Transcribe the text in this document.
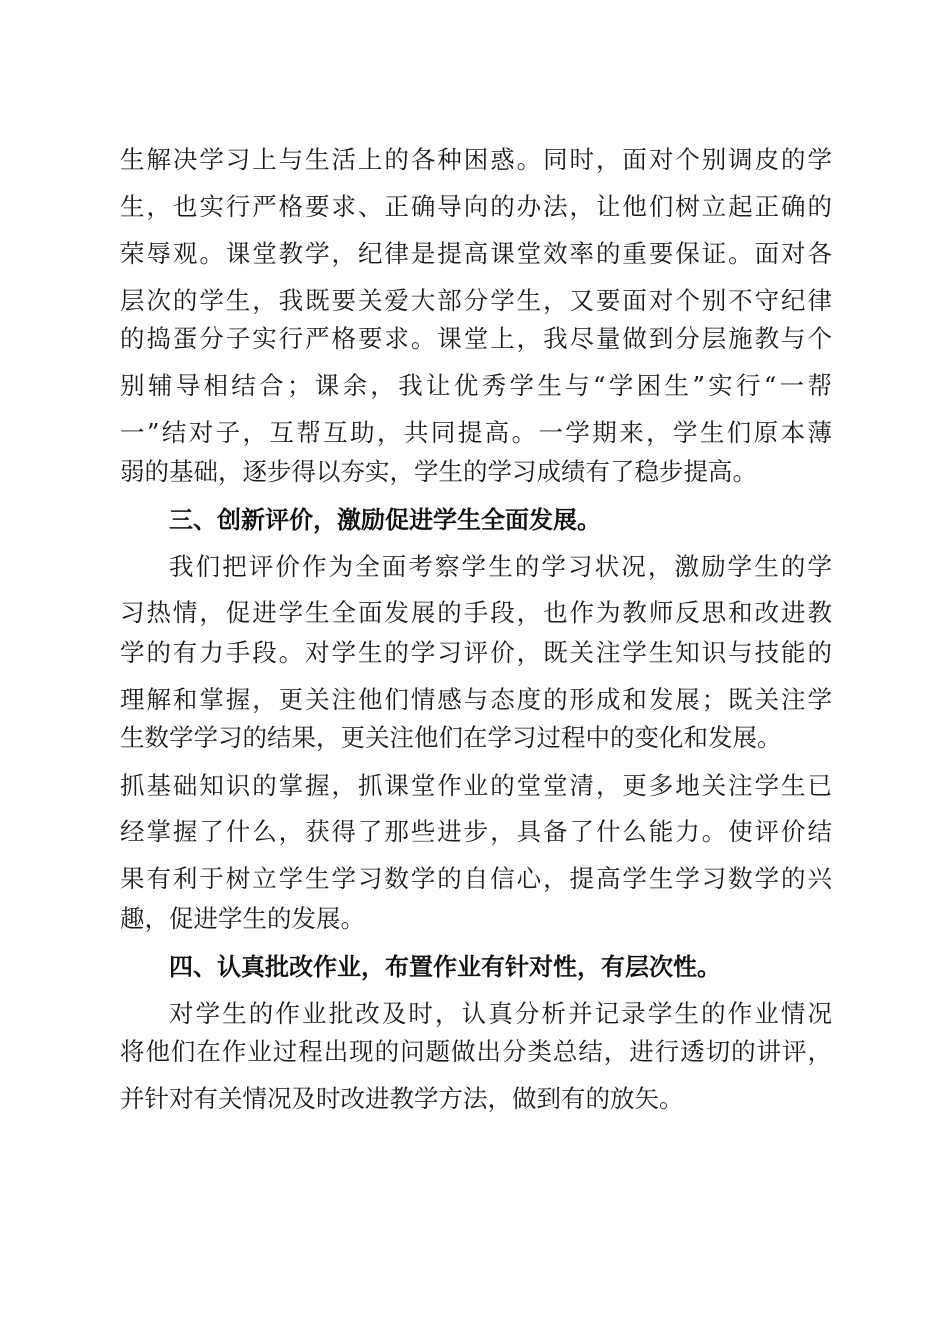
生解决学习上与生活上的各种困惑。同时，面对个别调皮的学
生，也实行严格要求、正确导向的办法，让他们树立起正确的
荣辱观。课堂教学，纪律是提高课堂效率的重要保证。面对各
层次的学生，我既要关爱大部分学生，又要面对个别不守纪律
的捣蛋分子实行严格要求。课堂上，我尽量做到分层施教与个
别辅导相结合；课余，我让优秀学生与“学困生”实行“一帮
一”结对子，互帮互助，共同提高。一学期来，学生们原本薄
弱的基础，逐步得以夯实，学生的学习成绩有了稳步提高。
三、创新评价，激励促进学生全面发展。
我们把评价作为全面考察学生的学习状况，激励学生的学
习热情，促进学生全面发展的手段，也作为教师反思和改进教
学的有力手段。对学生的学习评价，既关注学生知识与技能的
理解和掌握，更关注他们情感与态度的形成和发展；既关注学
生数学学习的结果，更关注他们在学习过程中的变化和发展。
抓基础知识的掌握，抓课堂作业的堂堂清，更多地关注学生已
经掌握了什么，获得了那些进步，具备了什么能力。使评价结
果有利于树立学生学习数学的自信心，提高学生学习数学的兴
趣，促进学生的发展。
四、认真批改作业，布置作业有针对性，有层次性。
对学生的作业批改及时，认真分析并记录学生的作业情况
将他们在作业过程出现的问题做出分类总结，进行透切的讲评，
并针对有关情况及时改进教学方法，做到有的放矢。
